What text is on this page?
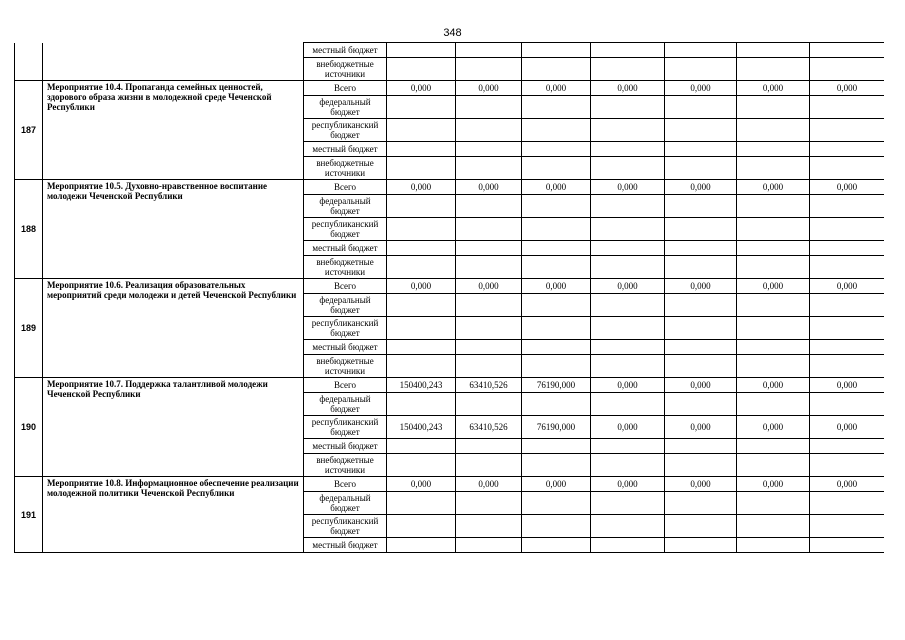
348
		местный бюджет							
		внебюджетные источники							
187	Мероприятие 10.4. Пропаганда семейных ценностей, здорового образа жизни в молодежной среде Чеченской Республики	Всего	0,000	0,000	0,000	0,000	0,000	0,000	0,000
		федеральный бюджет							
		республиканский бюджет							
		местный бюджет							
		внебюджетные источники							
188	Мероприятие 10.5. Духовно-нравственное воспитание молодежи Чеченской Республики	Всего	0,000	0,000	0,000	0,000	0,000	0,000	0,000
		федеральный бюджет							
		республиканский бюджет							
		местный бюджет							
		внебюджетные источники							
189	Мероприятие 10.6. Реализация образовательных мероприятий среди молодежи и детей Чеченской Республики	Всего	0,000	0,000	0,000	0,000	0,000	0,000	0,000
		федеральный бюджет							
		республиканский бюджет							
		местный бюджет							
		внебюджетные источники							
190	Мероприятие 10.7. Поддержка талантливой молодежи Чеченской Республики	Всего	150400,243	63410,526	76190,000	0,000	0,000	0,000	0,000
		федеральный бюджет							
		республиканский бюджет	150400,243	63410,526	76190,000	0,000	0,000	0,000	0,000
		местный бюджет							
		внебюджетные источники							
191	Мероприятие 10.8. Информационное обеспечение реализации молодежной политики Чеченской Республики	Всего	0,000	0,000	0,000	0,000	0,000	0,000	0,000
		федеральный бюджет							
		республиканский бюджет							
		местный бюджет							
